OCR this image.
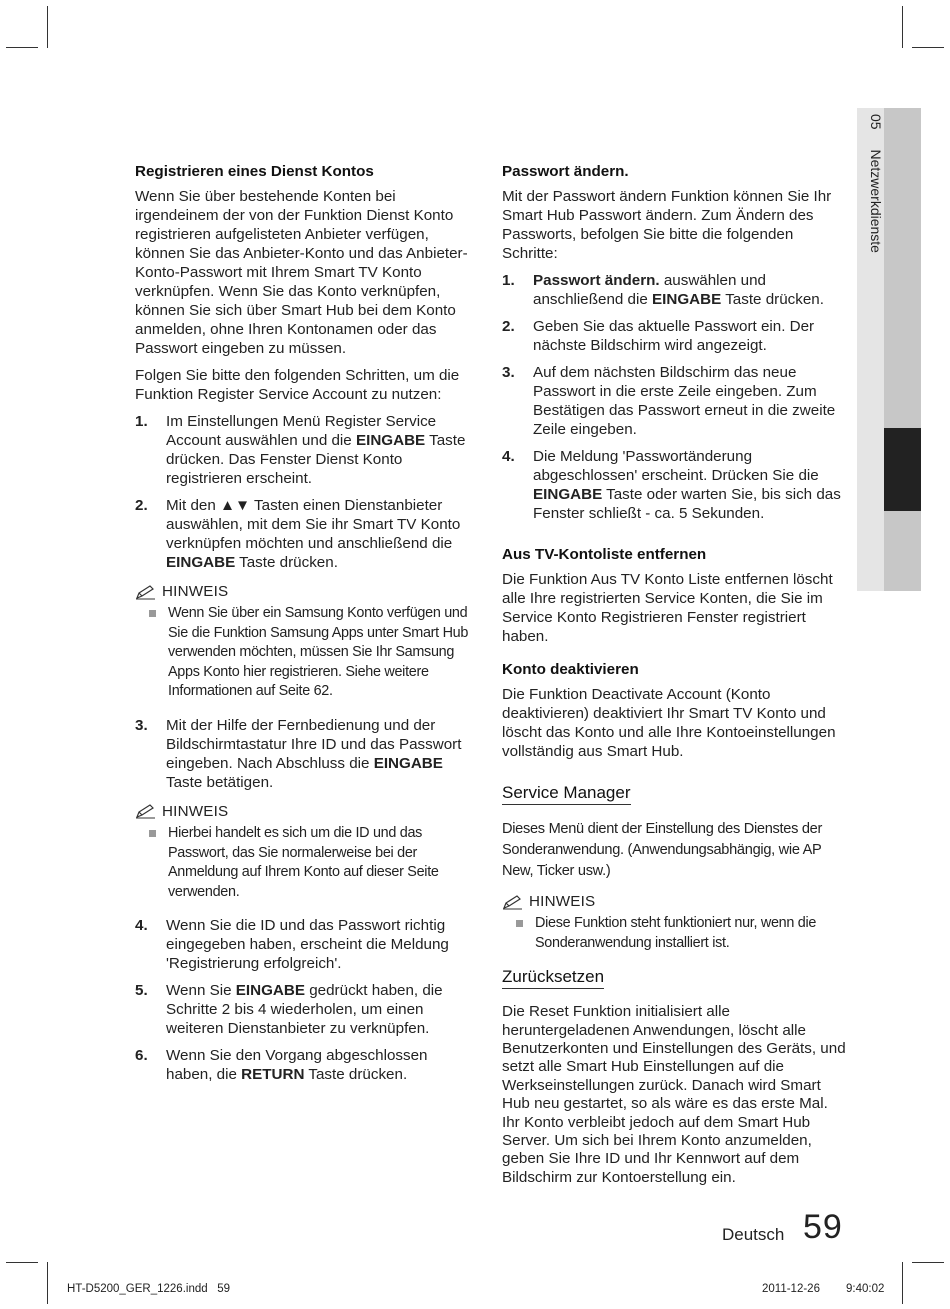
05 Netzwerkdienste
Registrieren eines Dienst Kontos

Wenn Sie über bestehende Konten bei irgendeinem der von der Funktion Dienst Konto registrieren aufgelisteten Anbieter verfügen, können Sie das Anbieter-Konto und das Anbieter-Konto-Passwort mit Ihrem Smart TV Konto verknüpfen. Wenn Sie das Konto verknüpfen, können Sie sich über Smart Hub bei dem Konto anmelden, ohne Ihren Kontonamen oder das Passwort eingeben zu müssen.

Folgen Sie bitte den folgenden Schritten, um die Funktion Register Service Account zu nutzen:

1.	Im Einstellungen Menü Register Service Account auswählen und die EINGABE Taste drücken. Das Fenster Dienst Konto registrieren erscheint.
2.	Mit den ▲▼ Tasten einen Dienstanbieter auswählen, mit dem Sie ihr Smart TV Konto verknüpfen möchten und anschließend die EINGABE Taste drücken.
HINWEIS
Wenn Sie über ein Samsung Konto verfügen und Sie die Funktion Samsung Apps unter Smart Hub verwenden möchten, müssen Sie Ihr Samsung Apps Konto hier registrieren. Siehe weitere Informationen auf Seite 62.
3.	Mit der Hilfe der Fernbedienung und der Bildschirmtastatur Ihre ID und das Passwort eingeben. Nach Abschluss die EINGABE Taste betätigen.
HINWEIS
Hierbei handelt es sich um die ID und das Passwort, das Sie normalerweise bei der Anmeldung auf Ihrem Konto auf dieser Seite verwenden.
4.	Wenn Sie die ID und das Passwort richtig eingegeben haben, erscheint die Meldung 'Registrierung erfolgreich'.
5.	Wenn Sie EINGABE gedrückt haben, die Schritte 2 bis 4 wiederholen, um einen weiteren Dienstanbieter zu verknüpfen.
6.	Wenn Sie den Vorgang abgeschlossen haben, die RETURN Taste drücken.
Passwort ändern.

Mit der Passwort ändern Funktion können Sie Ihr Smart Hub Passwort ändern. Zum Ändern des Passworts, befolgen Sie bitte die folgenden Schritte:

1.	Passwort ändern. auswählen und anschließend die EINGABE Taste drücken.
2.	Geben Sie das aktuelle Passwort ein. Der nächste Bildschirm wird angezeigt.
3.	Auf dem nächsten Bildschirm das neue Passwort in die erste Zeile eingeben. Zum Bestätigen das Passwort erneut in die zweite Zeile eingeben.
4.	Die Meldung 'Passwortänderung abgeschlossen' erscheint. Drücken Sie die EINGABE Taste oder warten Sie, bis sich das Fenster schließt - ca. 5 Sekunden.
Aus TV-Kontoliste entfernen

Die Funktion Aus TV Konto Liste entfernen löscht alle Ihre registrierten Service Konten, die Sie im Service Konto Registrieren Fenster registriert haben.

Konto deaktivieren

Die Funktion Deactivate Account (Konto deaktivieren) deaktiviert Ihr Smart TV Konto und löscht das Konto und alle Ihre Kontoeinstellungen vollständig aus Smart Hub.

Service Manager

Dieses Menü dient der Einstellung des Dienstes der Sonderanwendung. (Anwendungsabhängig, wie AP New, Ticker usw.)

HINWEIS
Diese Funktion steht funktioniert nur, wenn die Sonderanwendung installiert ist.
Zurücksetzen

Die Reset Funktion initialisiert alle heruntergeladenen Anwendungen, löscht alle Benutzerkonten und Einstellungen des Geräts, und setzt alle Smart Hub Einstellungen auf die Werkseinstellungen zurück. Danach wird Smart Hub neu gestartet, so als wäre es das erste Mal. Ihr Konto verbleibt jedoch auf dem Smart Hub Server. Um sich bei Ihrem Konto anzumelden, geben Sie Ihre ID und Ihr Kennwort auf dem Bildschirm zur Kontoerstellung ein.

Deutsch 59
HT-D5200_GER_1226.indd   59	2011-12-26 9:40:02
